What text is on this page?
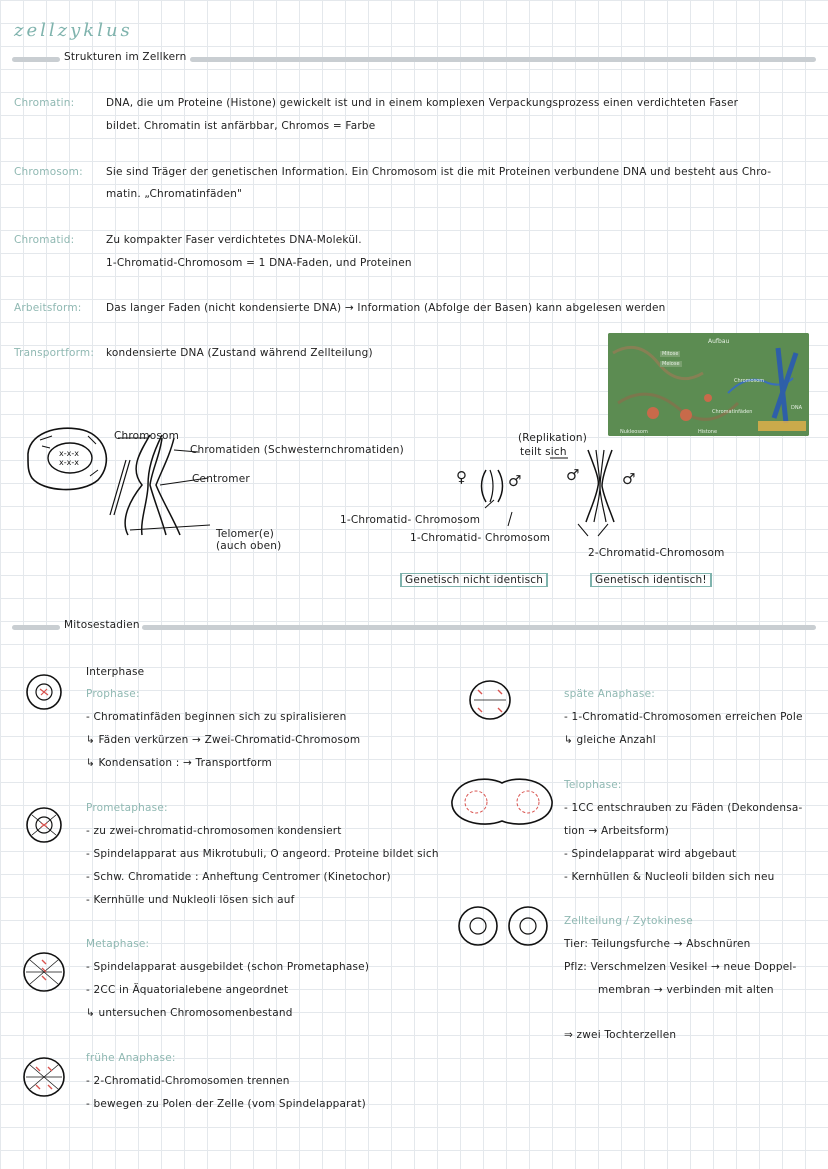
zellzyklus
Strukturen im Zellkern
Chromatin:	DNA, die um Proteine (Histone) gewickelt ist und in einem komplexen Verpackungsprozess einen verdichteten Faser
bildet. Chromatin ist anfärbbar, Chromos = Farbe
Chromosom: Sie sind Träger der genetischen Information. Ein Chromosom ist die mit Proteinen verbundene DNA und besteht aus Chro-
matin. „Chromatinfäden"
Chromatid:	Zu kompakter Faser verdichtetes DNA-Molekül.
1-Chromatid-Chromosom = 1 DNA-Faden, und Proteinen
Arbeitsform: Das langer Faden (nicht kondensierte DNA) → Information (Abfolge der Basen) kann abgelesen werden
Transportform: kondensierte DNA (Zustand während Zellteilung)
Aufbau
Mitose
Meiose
Chromosom
Chromatinfäden
DNA
Nukleosom	Histone
x-x-x
x-x-x
Chromosom
Chromatiden (Schwesternchromatiden)
Centromer
Telomer(e)
(auch oben)
(Replikation)
teilt sich
♀	♂	♂	♂
1-Chromatid- Chromosom
1-Chromatid- Chromosom
2-Chromatid-Chromosom
Genetisch nicht identisch	Genetisch identisch!
Mitosestadien
Interphase
Prophase:
- Chromatinfäden beginnen sich zu spiralisieren
↳ Fäden verkürzen → Zwei-Chromatid-Chromosom
↳ Kondensation : → Transportform
Prometaphase:
- zu zwei-chromatid-chromosomen kondensiert
- Spindelapparat aus Mikrotubuli, O angeord. Proteine bildet sich
- Schw. Chromatide : Anheftung Centromer (Kinetochor)
- Kernhülle und Nukleoli lösen sich auf
Metaphase:
- Spindelapparat ausgebildet (schon Prometaphase)
- 2CC in Äquatorialebene angeordnet
↳ untersuchen Chromosomenbestand
frühe Anaphase:
- 2-Chromatid-Chromosomen trennen
- bewegen zu Polen der Zelle (vom Spindelapparat)
späte Anaphase:
- 1-Chromatid-Chromosomen erreichen Pole
↳ gleiche Anzahl
Telophase:
- 1CC entschrauben zu Fäden (Dekondensa-
tion → Arbeitsform)
- Spindelapparat wird abgebaut
- Kernhüllen & Nucleoli bilden sich neu
Zellteilung / Zytokinese
Tier: Teilungsfurche → Abschnüren
Pflz: Verschmelzen Vesikel → neue Doppel-
membran → verbinden mit alten
⇒ zwei Tochterzellen
